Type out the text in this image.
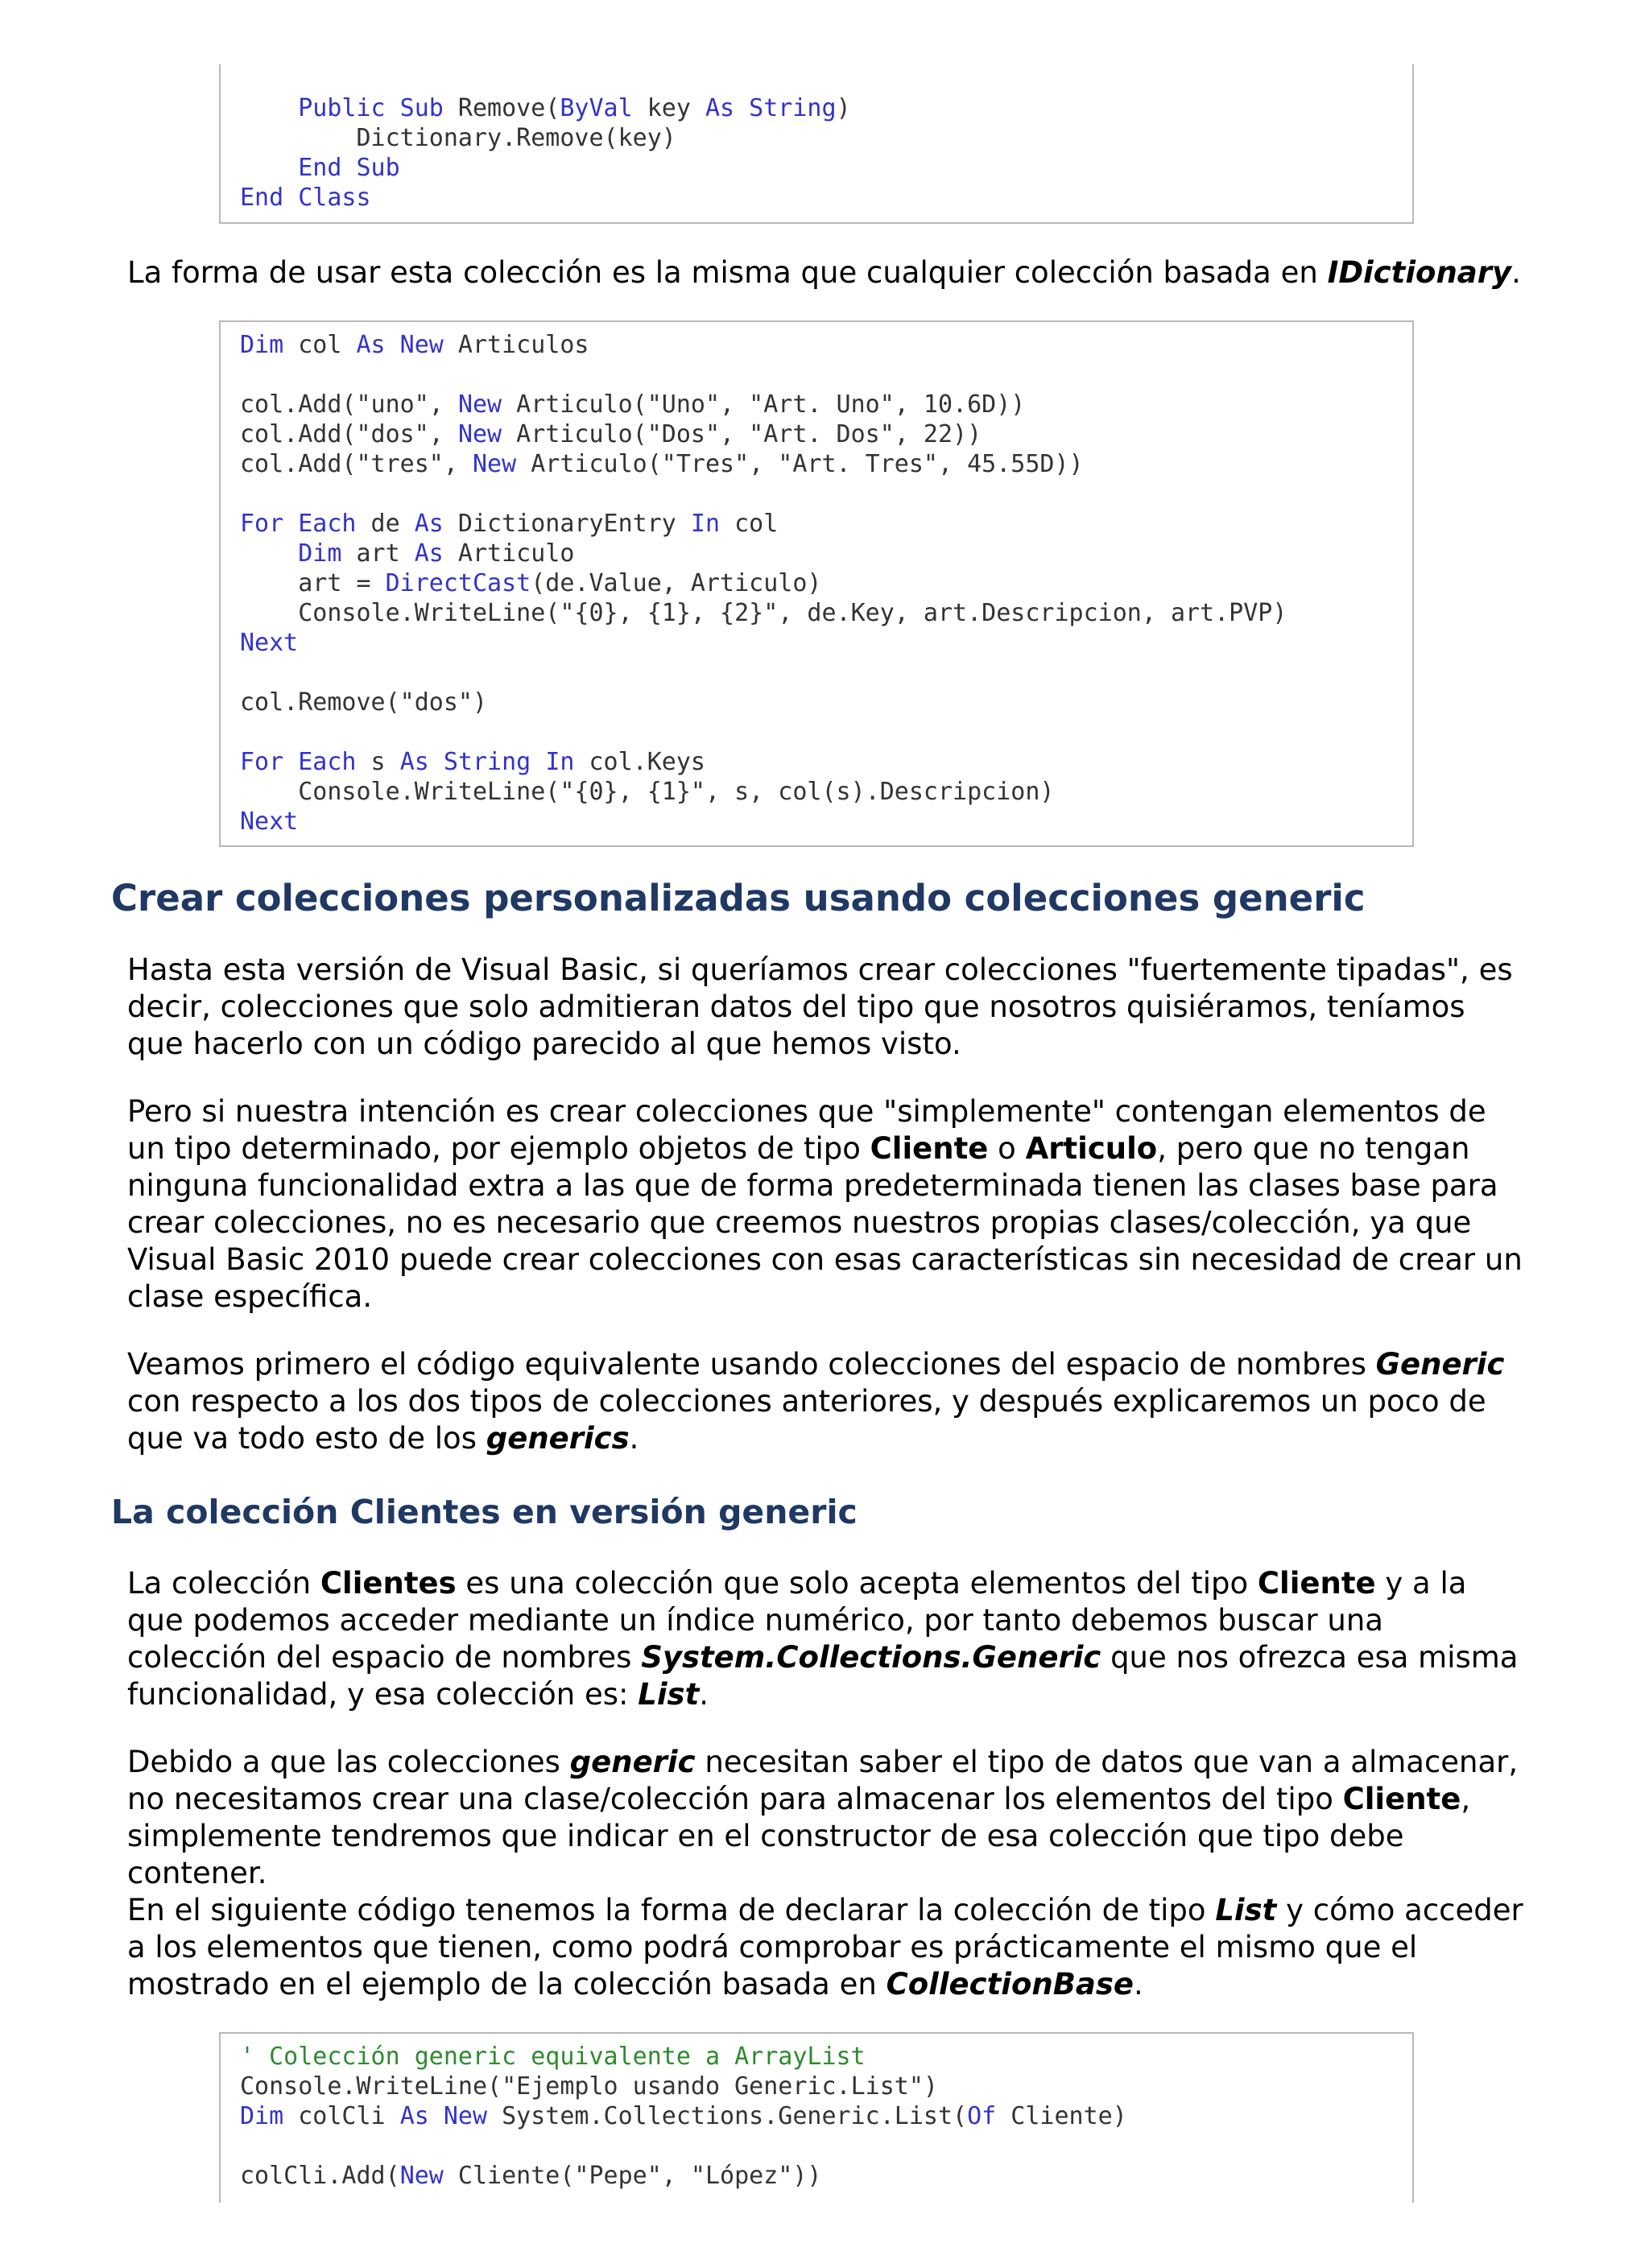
Public Sub Remove(ByVal key As String)
Dictionary.Remove(key)
End Sub
End Class

La forma de usar esta colección es la misma que cualquier colección basada en IDictionary.

Dim col As New Articulos
col.Add("uno", New Articulo("Uno", "Art. Uno", 10.6D))
col.Add("dos", New Articulo("Dos", "Art. Dos", 22))
col.Add("tres", New Articulo("Tres", "Art. Tres", 45.55D))
For Each de As DictionaryEntry In col
Dim art As Articulo
art = DirectCast(de.Value, Articulo)
Console.WriteLine("{0}, {1}, {2}", de.Key, art.Descripcion, art.PVP)
Next
col.Remove("dos")
For Each s As String In col.Keys
Console.WriteLine("{0}, {1}", s, col(s).Descripcion)
Next
Crear colecciones personalizadas usando colecciones generic

Hasta esta versión de Visual Basic, si queríamos crear colecciones "fuertemente tipadas", es decir, colecciones que solo admitieran datos del tipo que nosotros quisiéramos, teníamos que hacerlo con un código parecido al que hemos visto.

Pero si nuestra intención es crear colecciones que "simplemente" contengan elementos de un tipo determinado, por ejemplo objetos de tipo Cliente o Articulo, pero que no tengan ninguna funcionalidad extra a las que de forma predeterminada tienen las clases base para crear colecciones, no es necesario que creemos nuestros propias clases/colección, ya que Visual Basic 2010 puede crear colecciones con esas características sin necesidad de crear un clase específica.

Veamos primero el código equivalente usando colecciones del espacio de nombres Generic con respecto a los dos tipos de colecciones anteriores, y después explicaremos un poco de que va todo esto de los generics.

La colección Clientes en versión generic

La colección Clientes es una colección que solo acepta elementos del tipo Cliente y a la que podemos acceder mediante un índice numérico, por tanto debemos buscar una colección del espacio de nombres System.Collections.Generic que nos ofrezca esa misma funcionalidad, y esa colección es: List.

Debido a que las colecciones generic necesitan saber el tipo de datos que van a almacenar, no necesitamos crear una clase/colección para almacenar los elementos del tipo Cliente, simplemente tendremos que indicar en el constructor de esa colección que tipo debe contener.
En el siguiente código tenemos la forma de declarar la colección de tipo List y cómo acceder a los elementos que tienen, como podrá comprobar es prácticamente el mismo que el mostrado en el ejemplo de la colección basada en CollectionBase.

' Colección generic equivalente a ArrayList
Console.WriteLine("Ejemplo usando Generic.List")
Dim colCli As New System.Collections.Generic.List(Of Cliente)
colCli.Add(New Cliente("Pepe", "López"))
